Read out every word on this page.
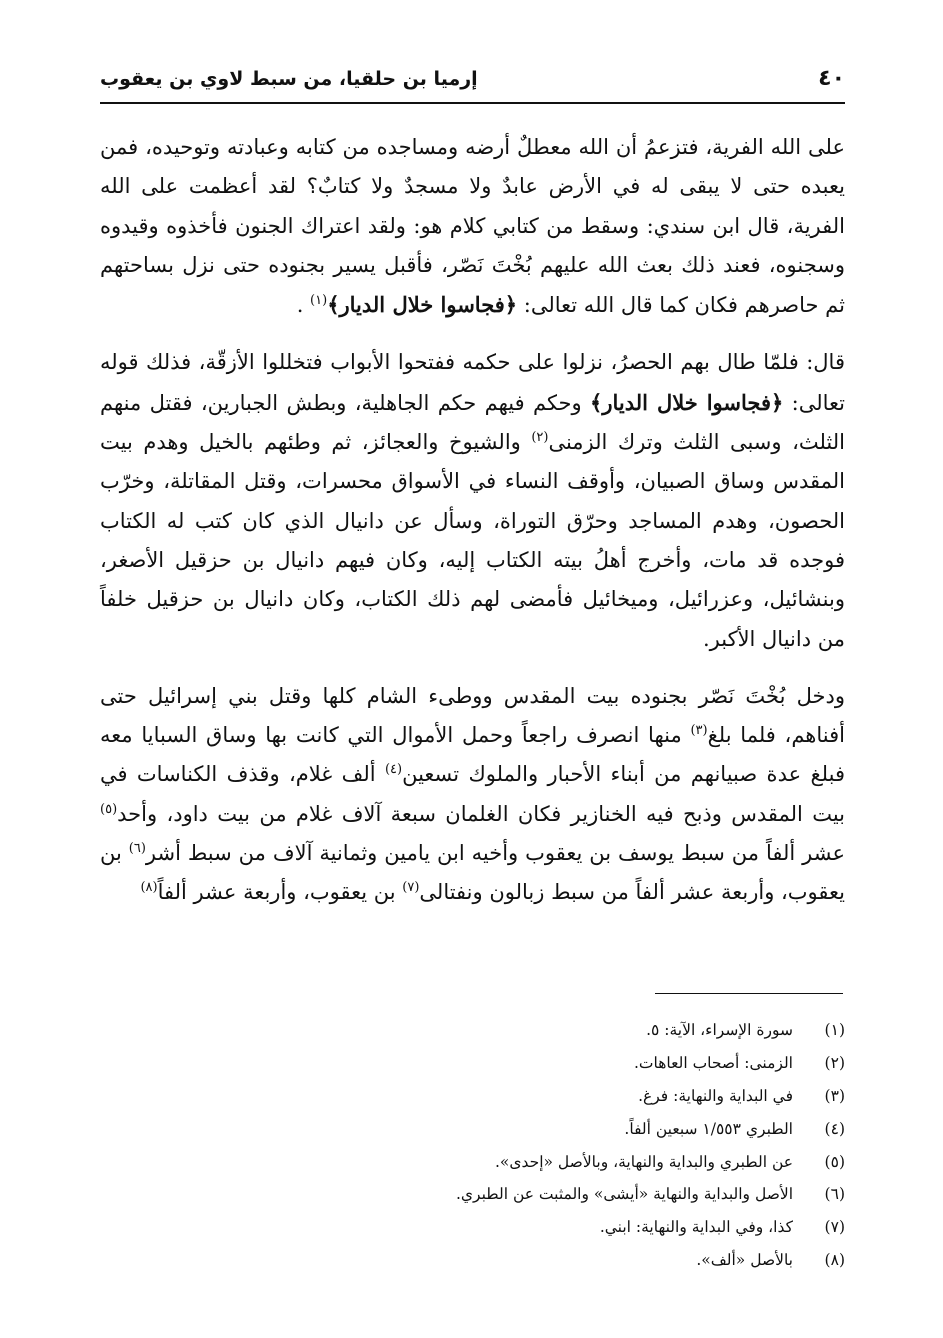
٤٠
إرميا بن حلقيا، من سبط لاوي بن يعقوب

على الله الفرية، فتزعمُ أن الله معطلٌ أرضه ومساجده من كتابه وعبادته وتوحيده، فمن يعبده حتى لا يبقى له في الأرض عابدٌ ولا مسجدٌ ولا كتابٌ؟ لقد أعظمت على الله الفرية، قال ابن سندي: وسقط من كتابي كلام هو: ولقد اعتراك الجنون فأخذوه وقيدوه وسجنوه، فعند ذلك بعث الله عليهم بُخْتَ نَصّر، فأقبل يسير بجنوده حتى نزل بساحتهم ثم حاصرهم فكان كما قال الله تعالى: ﴿فجاسوا خلال الديار﴾$^{(١)}$ .

قال: فلمّا طال بهم الحصرُ، نزلوا على حكمه ففتحوا الأبواب فتخللوا الأزقّة، فذلك قوله تعالى: ﴿فجاسوا خلال الديار﴾ وحكم فيهم حكم الجاهلية، وبطش الجبارين، فقتل منهم الثلث، وسبى الثلث وترك الزمنى$^{(٢)}$ والشيوخ والعجائز، ثم وطئهم بالخيل وهدم بيت المقدس وساق الصبيان، وأوقف النساء في الأسواق محسرات، وقتل المقاتلة، وخرّب الحصون، وهدم المساجد وحرّق التوراة، وسأل عن دانيال الذي كان كتب له الكتاب فوجده قد مات، وأخرج أهلُ بيته الكتاب إليه، وكان فيهم دانيال بن حزقيل الأصغر، وبنشائيل، وعزرائيل، وميخائيل فأمضى لهم ذلك الكتاب، وكان دانيال بن حزقيل خلفاً من دانيال الأكبر.

ودخل بُخْتَ نَصّر بجنوده بيت المقدس ووطىء الشام كلها وقتل بني إسرائيل حتى أفناهم، فلما بلغ$^{(٣)}$ منها انصرف راجعاً وحمل الأموال التي كانت بها وساق السبايا معه فبلغ عدة صبيانهم من أبناء الأحبار والملوك تسعين$^{(٤)}$ ألف غلام، وقذف الكناسات في بيت المقدس وذبح فيه الخنازير فكان الغلمان سبعة آلاف غلام من بيت داود، وأحد$^{(٥)}$ عشر ألفاً من سبط يوسف بن يعقوب وأخيه ابن يامين وثمانية آلاف من سبط أشر$^{(٦)}$ بن يعقوب، وأربعة عشر ألفاً من سبط زبالون ونفتالى$^{(٧)}$ بن يعقوب، وأربعة عشر ألفاً$^{(٨)}$

(١)
سورة الإسراء، الآية: ٥.
(٢)
الزمنى: أصحاب العاهات.
(٣)
في البداية والنهاية: فرغ.
(٤)
الطبري ١/٥٥٣ سبعين ألفاً.
(٥)
عن الطبري والبداية والنهاية، وبالأصل «إحدى».
(٦)
الأصل والبداية والنهاية «أيشى» والمثبت عن الطبري.
(٧)
كذا، وفي البداية والنهاية: ابني.
(٨)
بالأصل «ألف».
